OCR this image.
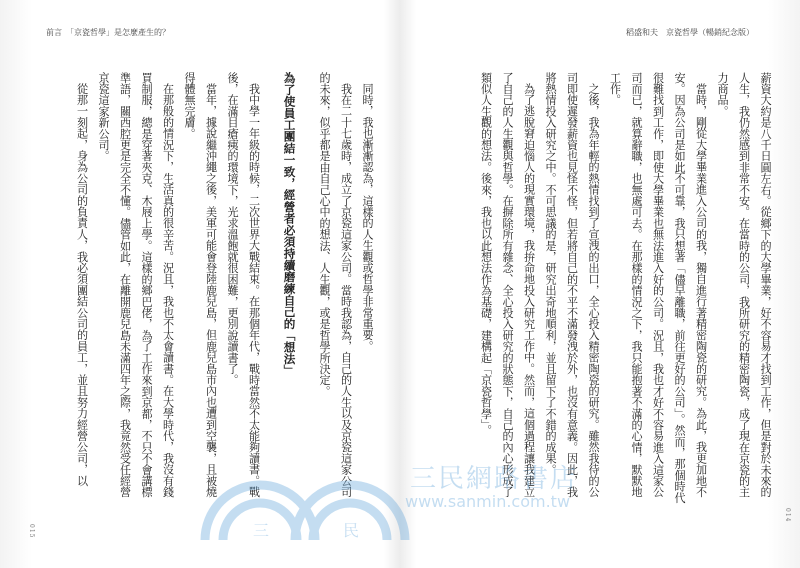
前言　「京瓷哲學」是怎麼產生的？

同時，我也漸漸認為，這樣的人生觀或哲學非常重要。

我在二十七歲時，成立了京瓷這家公司。當時我認為，自己的人生以及京瓷這家公司的未來，似乎都是由自己心中的想法、人生觀，或是哲學所決定。

為了使員工團結一致，經營者必須持續磨練自己的「想法」

我中學一年級的時候，二次世界大戰結束。在那個年代，戰時當然不太能夠讀書。戰後，在滿目瘡痍的環境下，光求溫飽就很困難，更別說讀書了。

當年，據說繼沖繩之後，美軍可能會登陸鹿兒島，但鹿兒島市內也遭到空襲，且被燒得體無完膚。

在那般的情況下，生活真的很辛苦。況且，我也不太會讀書。在大學時代，我沒有錢買制服，總是穿著夾克、木屐上學。這樣的鄉巴佬，為了工作來到京都，不只不會講標準語，關西腔更是完全不懂。儘管如此，在離開鹿兒島未滿四年之際，我竟然受任經營京瓷這家新公司。

從那一刻起，身為公司的負責人，我必須團結公司的員工，並且努力經營公司，以

015
稻盛和夫　京瓷哲學（暢銷紀念版）

薪資大約是八千日圓左右。從鄉下的大學畢業，好不容易才找到工作，但是對於未來的人生，我仍然感到非常不安。在當時的公司，我所研究的精密陶瓷，成了現在京瓷的主力商品。

當時，剛從大學畢業進入公司的我，獨自進行著精密陶瓷的研究。為此，我更加地不安。因為公司是如此不可靠，我只想著「儘早離職，前往更好的公司」。然而，那個時代很難找到工作，即使大學畢業也無法進入好的公司。況且，我也才好不容易進入這家公司而已，就算辭職，也無處可去。在那樣的情況之下，我只能抱著不滿的心情，默默地工作。

之後，我為年輕的熱情找到了宣洩的出口，全心投入精密陶瓷的研究。雖然我待的公司即使遲發薪資也見怪不怪，但若將自己的不平不滿發洩於外，也沒有意義。因此，我將熱情投入研究之中。不可思議的是，研究出奇地順利，並且留下了不錯的成果。

為了逃脫窘迫惱人的現實環境，我拚命地投入研究工作中。然而，這個過程讓我建立了自己的人生觀與哲學。在摒除所有雜念、全心投入研究的狀態下，自己的內心形成了類似人生觀的想法。後來，我也以此想法作為基礎，建構起「京瓷哲學」。

014
三	民
三民網路書店
www.sanmin.com.tw
